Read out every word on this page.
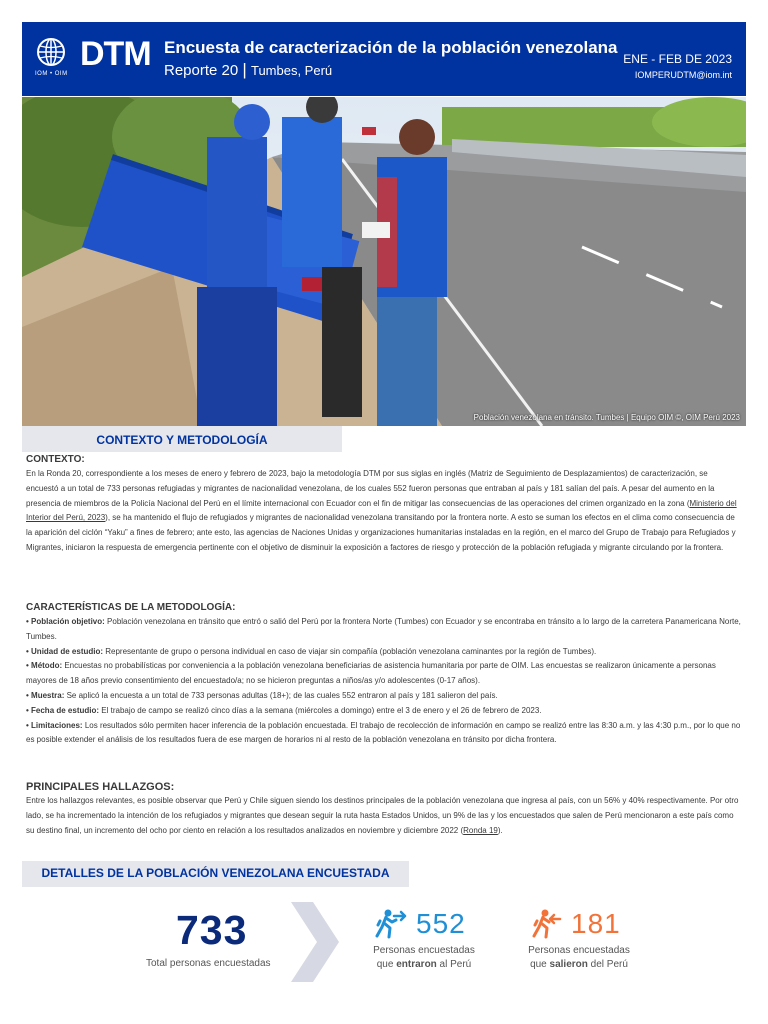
IOM • OIM
DTM Encuesta de caracterización de la población venezolana
Reporte 20 | Tumbes, Perú
ENE - FEB DE 2023
IOMPERUDTM@iom.int
Población venezolana en tránsito. Tumbes | Equipo OIM ©, OIM Perú 2023
CONTEXTO Y METODOLOGÍA
CONTEXTO:

En la Ronda 20, correspondiente a los meses de enero y febrero de 2023, bajo la metodología DTM por sus siglas en inglés (Matriz de Seguimiento de Desplazamientos) de caracterización, se encuestó a un total de 733 personas refugiadas y migrantes de nacionalidad venezolana, de los cuales 552 fueron personas que entraban al país y 181 salían del país. A pesar del aumento en la presencia de miembros de la Policía Nacional del Perú en el límite internacional con Ecuador con el fin de mitigar las consecuencias de las operaciones del crimen organizado en la zona (Ministerio del Interior del Perú, 2023), se ha mantenido el flujo de refugiados y migrantes de nacionalidad venezolana transitando por la frontera norte. A esto se suman los efectos en el clima como consecuencia de la aparición del ciclón “Yaku” a fines de febrero; ante esto, las agencias de Naciones Unidas y organizaciones humanitarias instaladas en la región, en el marco del Grupo de Trabajo para Refugiados y Migrantes, iniciaron la respuesta de emergencia pertinente con el objetivo de disminuir la exposición a factores de riesgo y protección de la población refugiada y migrante circulando por la frontera.

CARACTERÍSTICAS DE LA METODOLOGÍA:

• Población objetivo: Población venezolana en tránsito que entró o salió del Perú por la frontera Norte (Tumbes) con Ecuador y se encontraba en tránsito a lo largo de la carretera Panamericana Norte, Tumbes.

• Unidad de estudio: Representante de grupo o persona individual en caso de viajar sin compañía (población venezolana caminantes por la región de Tumbes).

• Método: Encuestas no probabilísticas por conveniencia a la población venezolana beneficiarias de asistencia humanitaria por parte de OIM. Las encuestas se realizaron únicamente a personas mayores de 18 años previo consentimiento del encuestado/a; no se hicieron preguntas a niños/as y/o adolescentes (0-17 años).

• Muestra: Se aplicó la encuesta a un total de 733 personas adultas (18+); de las cuales 552 entraron al país y 181 salieron del país.

• Fecha de estudio: El trabajo de campo se realizó cinco días a la semana (miércoles a domingo) entre el 3 de enero y el 26 de febrero de 2023.

• Limitaciones: Los resultados sólo permiten hacer inferencia de la población encuestada. El trabajo de recolección de información en campo se realizó entre las 8:30 a.m. y las 4:30 p.m., por lo que no es posible extender el análisis de los resultados fuera de ese margen de horarios ni al resto de la población venezolana en tránsito por dicha frontera.

PRINCIPALES HALLAZGOS:

Entre los hallazgos relevantes, es posible observar que Perú y Chile siguen siendo los destinos principales de la población venezolana que ingresa al país, con un 56% y 40% respectivamente. Por otro lado, se ha incrementado la intención de los refugiados y migrantes que desean seguir la ruta hasta Estados Unidos, un 9% de las y los encuestados que salen de Perú mencionaron a este país como su destino final, un incremento del ocho por ciento en relación a los resultados analizados en noviembre y diciembre 2022 (Ronda 19).

DETALLES DE LA POBLACIÓN VENEZOLANA ENCUESTADA
733
Total personas encuestadas
552
Personas encuestadas
que entraron al Perú
181
Personas encuestadas
que salieron del Perú
